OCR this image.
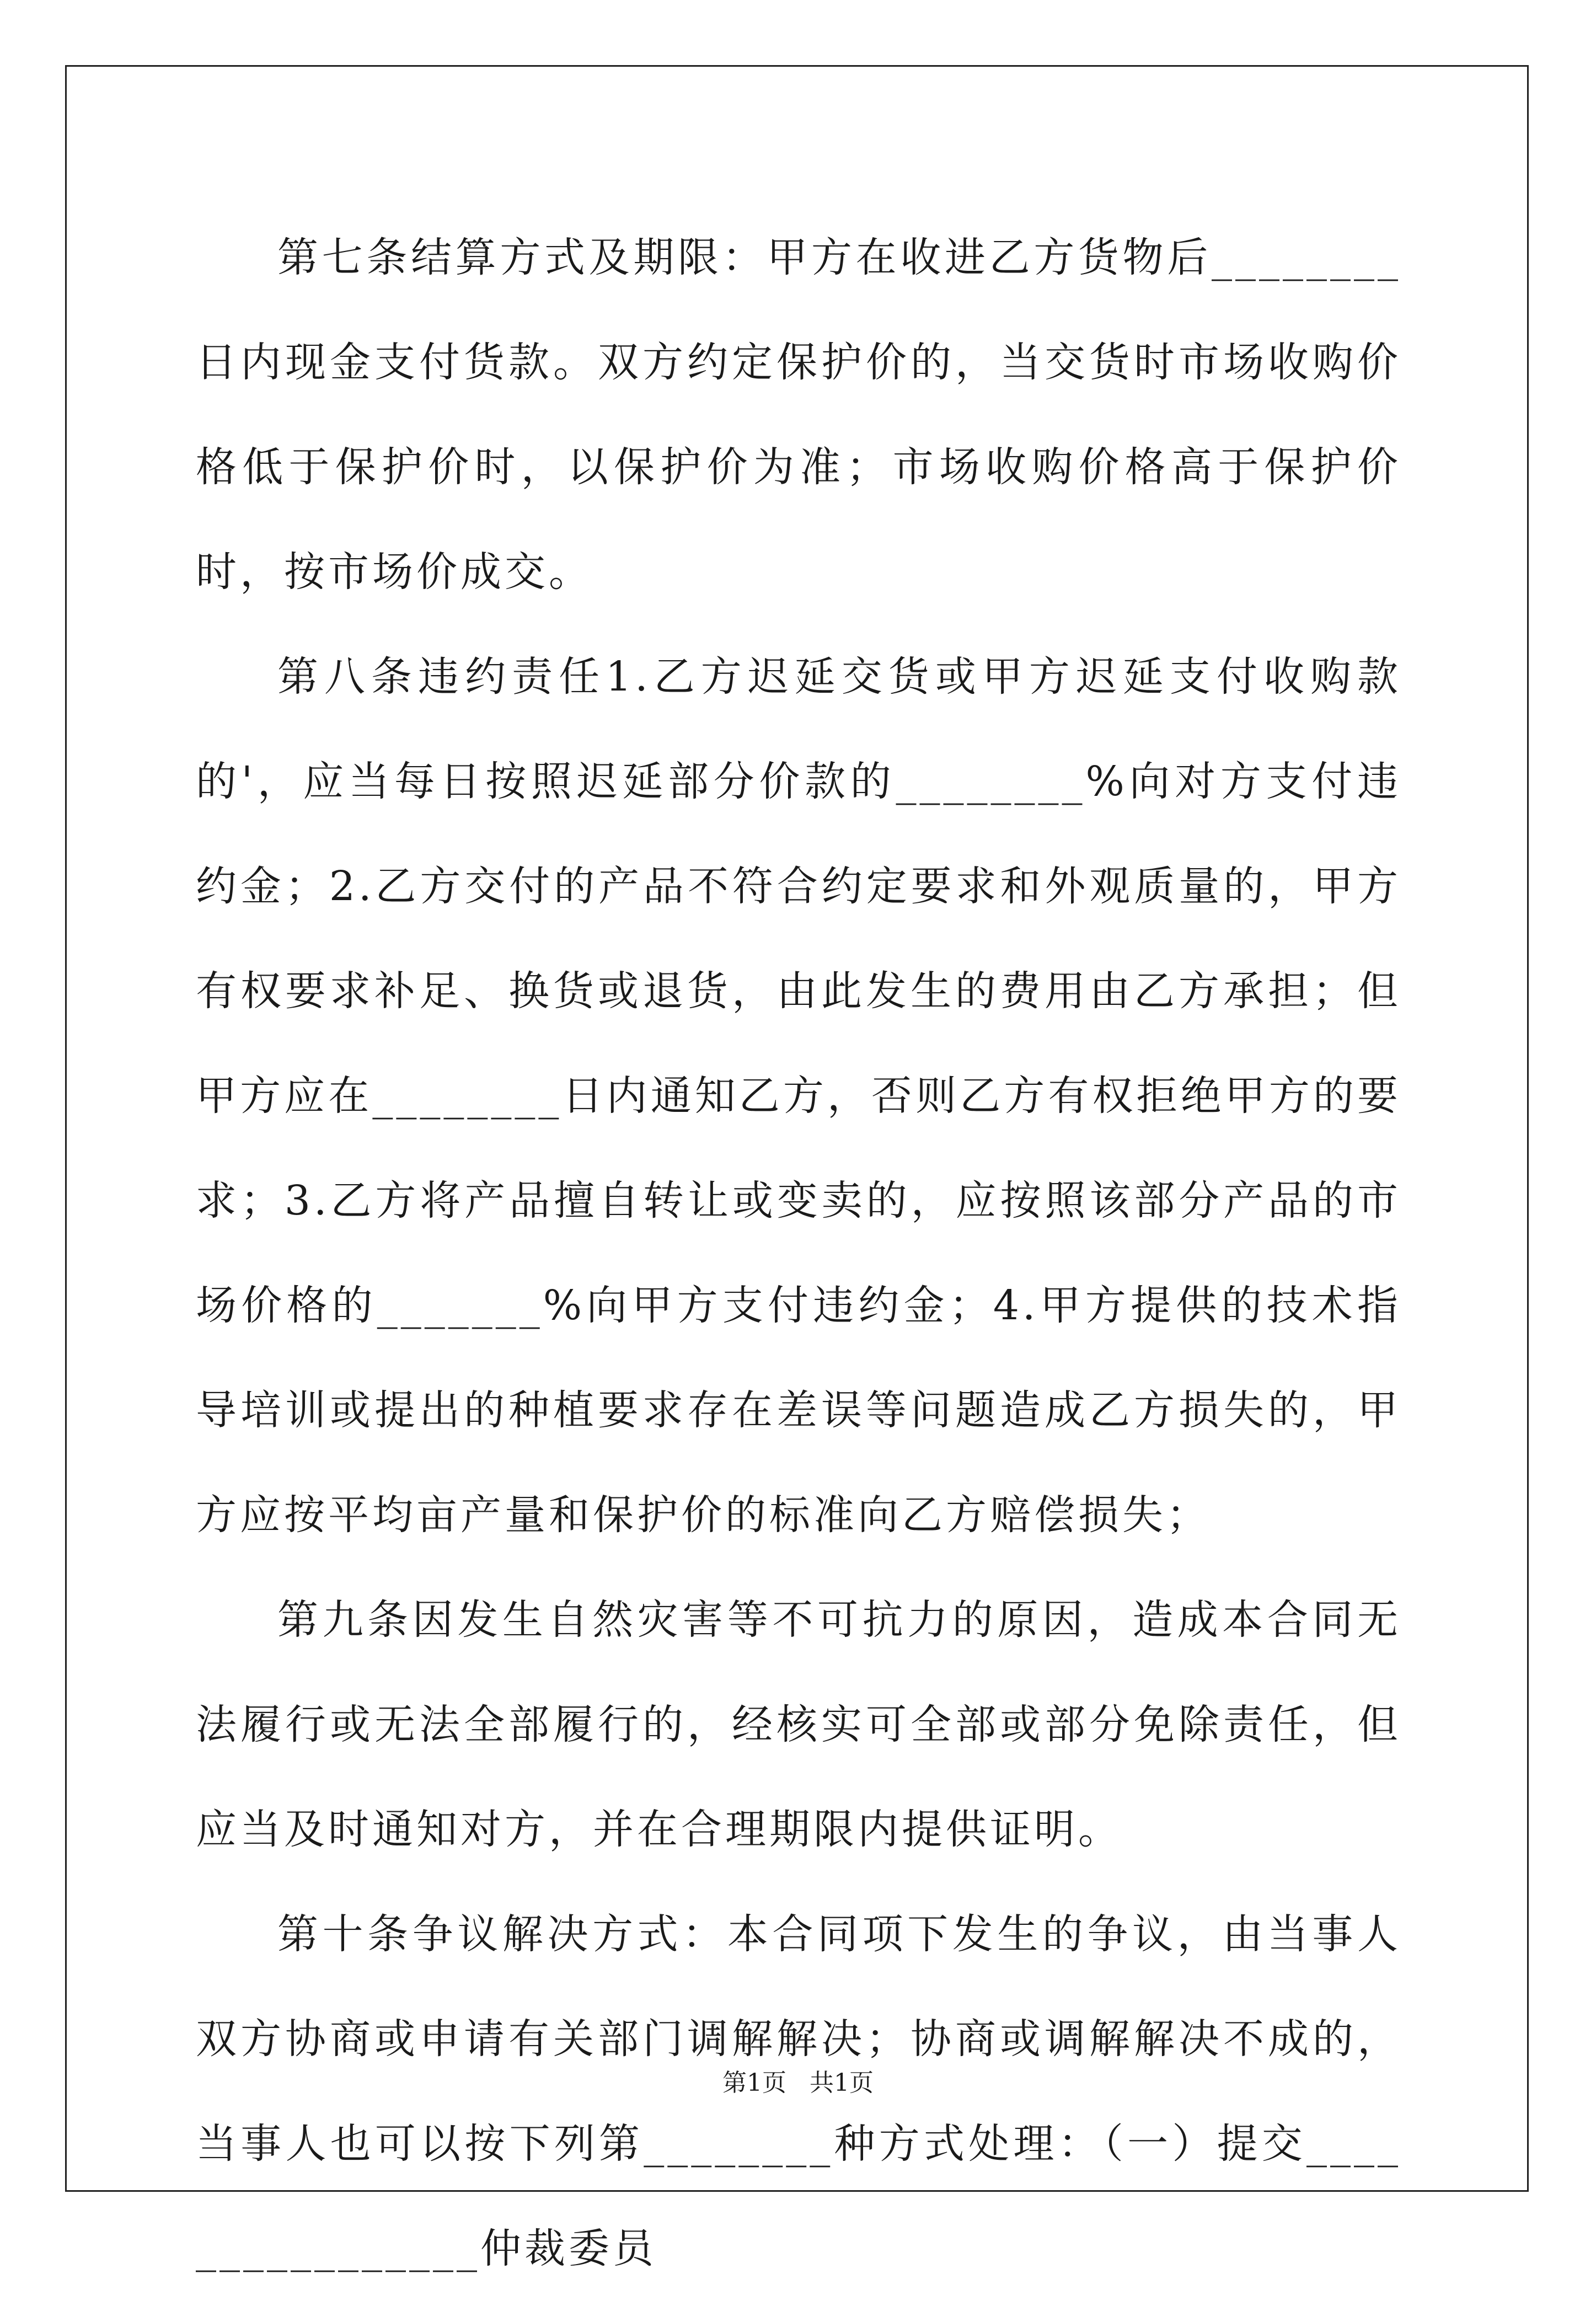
第七条结算方式及期限：甲方在收进乙方货物后________日内现金支付货款。双方约定保护价的，当交货时市场收购价格低于保护价时，以保护价为准；市场收购价格高于保护价时，按市场价成交。

第八条违约责任1.乙方迟延交货或甲方迟延支付收购款的'，应当每日按照迟延部分价款的________%向对方支付违约金；2.乙方交付的产品不符合约定要求和外观质量的，甲方有权要求补足、换货或退货，由此发生的费用由乙方承担；但甲方应在________日内通知乙方，否则乙方有权拒绝甲方的要求；3.乙方将产品擅自转让或变卖的，应按照该部分产品的市场价格的_______%向甲方支付违约金；4.甲方提供的技术指导培训或提出的种植要求存在差误等问题造成乙方损失的，甲方应按平均亩产量和保护价的标准向乙方赔偿损失；

第九条因发生自然灾害等不可抗力的原因，造成本合同无法履行或无法全部履行的，经核实可全部或部分免除责任，但应当及时通知对方，并在合理期限内提供证明。

第十条争议解决方式：本合同项下发生的争议，由当事人双方协商或申请有关部门调解解决；协商或调解解决不成的，当事人也可以按下列第________种方式处理：（一）提交________________仲裁委员

第1页 共1页
